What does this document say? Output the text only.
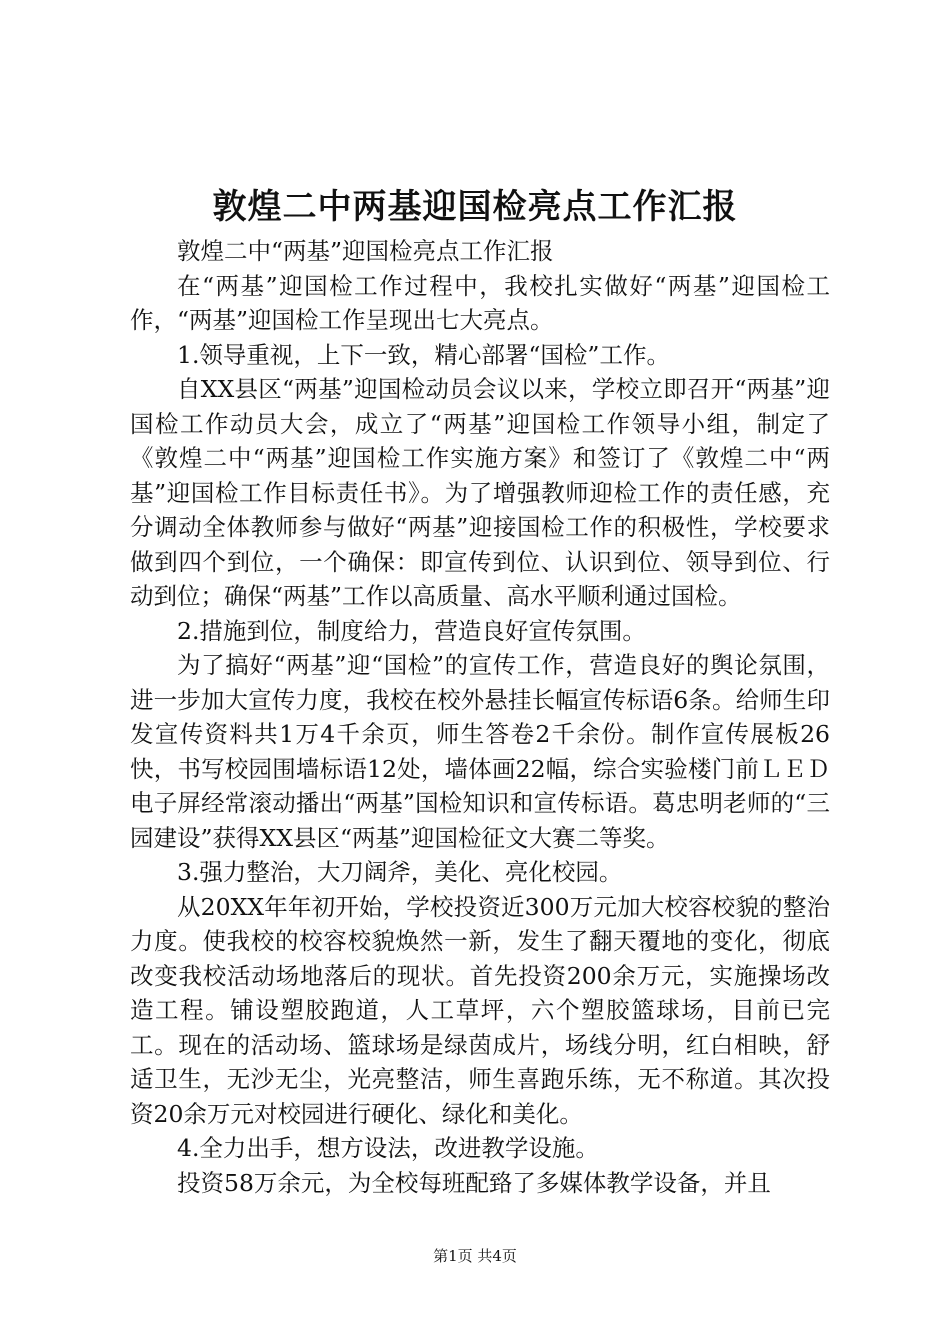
敦煌二中两基迎国检亮点工作汇报

敦煌二中“两基”迎国检亮点工作汇报

在“两基”迎国检工作过程中，我校扎实做好“两基”迎国检工作，“两基”迎国检工作呈现出七大亮点。

1.领导重视，上下一致，精心部署“国检”工作。

自XX县区“两基”迎国检动员会议以来，学校立即召开“两基”迎国检工作动员大会，成立了“两基”迎国检工作领导小组，制定了《敦煌二中“两基”迎国检工作实施方案》和签订了《敦煌二中“两基”迎国检工作目标责任书》。为了增强教师迎检工作的责任感，充分调动全体教师参与做好“两基”迎接国检工作的积极性，学校要求做到四个到位，一个确保：即宣传到位、认识到位、领导到位、行动到位；确保“两基”工作以高质量、高水平顺利通过国检。

2.措施到位，制度给力，营造良好宣传氛围。

为了搞好“两基”迎“国检”的宣传工作，营造良好的舆论氛围，进一步加大宣传力度，我校在校外悬挂长幅宣传标语6条。给师生印发宣传资料共1万4千余页，师生答卷2千余份。制作宣传展板26快，书写校园围墙标语12处，墙体画22幅，综合实验楼门前ＬＥＤ电子屏经常滚动播出“两基”国检知识和宣传标语。葛忠明老师的“三园建设”获得XX县区“两基”迎国检征文大赛二等奖。

3.强力整治，大刀阔斧，美化、亮化校园。

从20XX年年初开始，学校投资近300万元加大校容校貌的整治力度。使我校的校容校貌焕然一新，发生了翻天覆地的变化，彻底改变我校活动场地落后的现状。首先投资200余万元，实施操场改造工程。铺设塑胶跑道，人工草坪，六个塑胶篮球场，目前已完工。现在的活动场、篮球场是绿茵成片，场线分明，红白相映，舒适卫生，无沙无尘，光亮整洁，师生喜跑乐练，无不称道。其次投资20余万元对校园进行硬化、绿化和美化。

4.全力出手，想方设法，改进教学设施。

投资58万余元，为全校每班配臵了多媒体教学设备，并且

第1页 共4页
